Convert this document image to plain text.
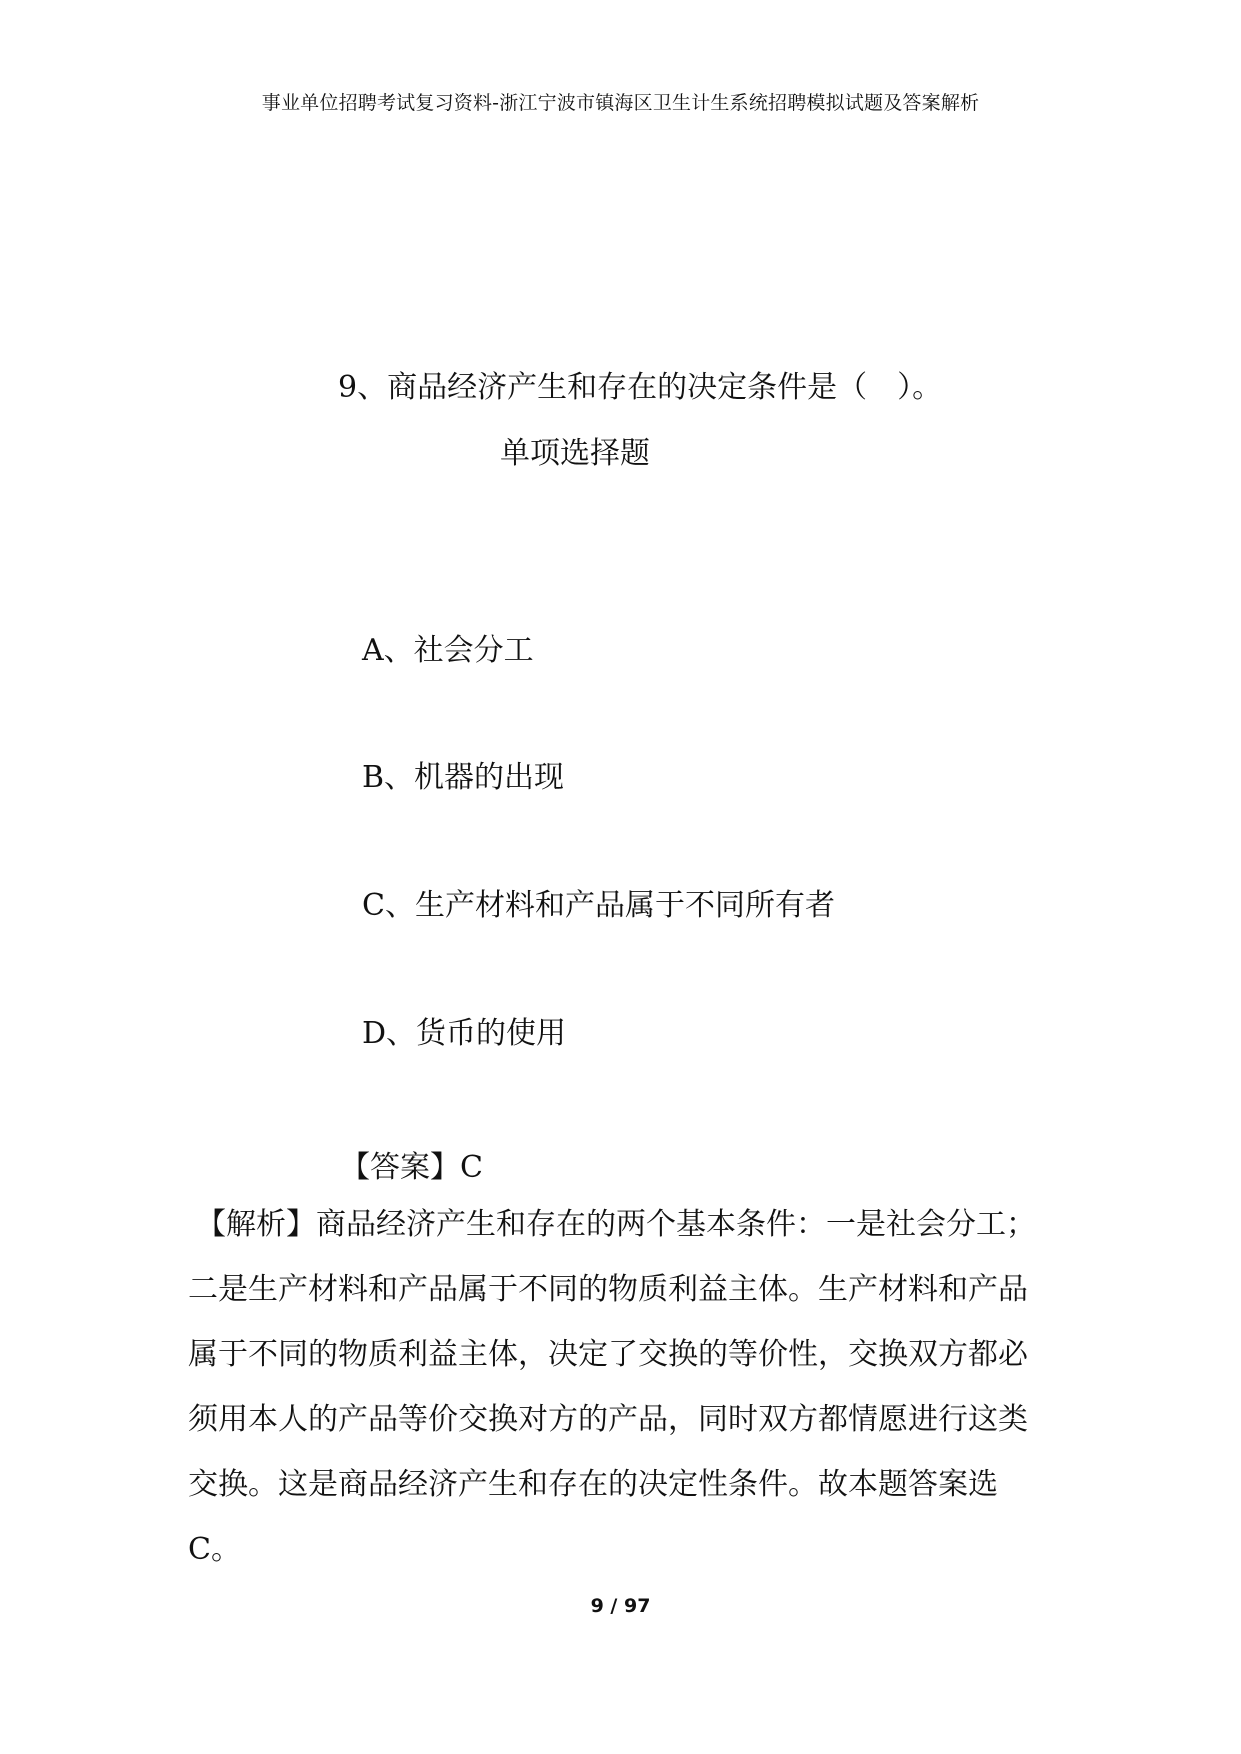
事业单位招聘考试复习资料-浙江宁波市镇海区卫生计生系统招聘模拟试题及答案解析
9、商品经济产生和存在的决定条件是（　）。
单项选择题
A、社会分工
B、机器的出现
C、生产材料和产品属于不同所有者
D、货币的使用
【答案】C
【解析】商品经济产生和存在的两个基本条件：一是社会分工；
二是生产材料和产品属于不同的物质利益主体。生产材料和产品
属于不同的物质利益主体，决定了交换的等价性，交换双方都必
须用本人的产品等价交换对方的产品，同时双方都情愿进行这类
交换。这是商品经济产生和存在的决定性条件。故本题答案选
C。
9 / 97
